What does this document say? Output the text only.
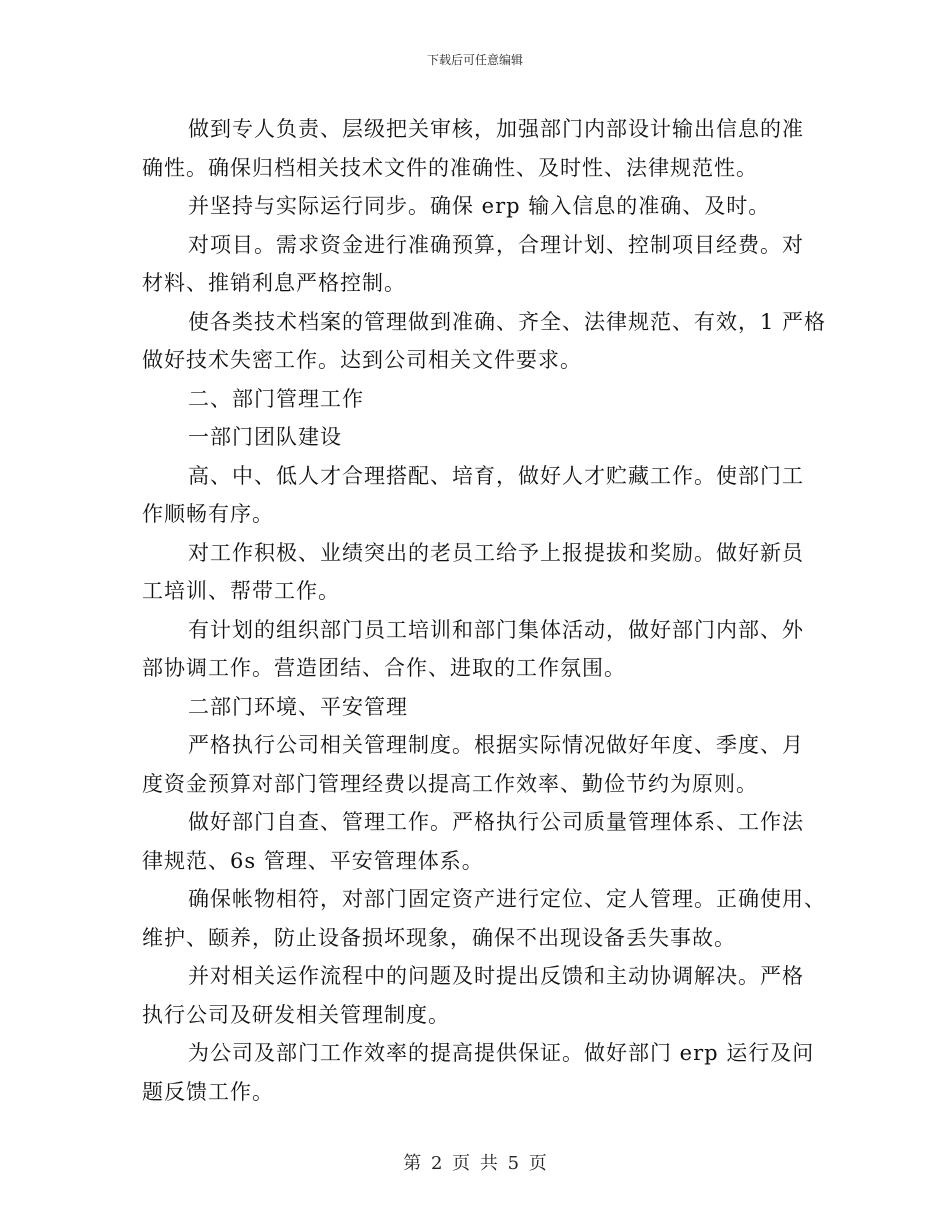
下载后可任意编辑
做到专人负责、层级把关审核，加强部门内部设计输出信息的准
确性。确保归档相关技术文件的准确性、及时性、法律规范性。
并坚持与实际运行同步。确保 erp 输入信息的准确、及时。
对项目。需求资金进行准确预算，合理计划、控制项目经费。对
材料、推销利息严格控制。
使各类技术档案的管理做到准确、齐全、法律规范、有效，1 严格
做好技术失密工作。达到公司相关文件要求。
二、部门管理工作
一部门团队建设
高、中、低人才合理搭配、培育，做好人才贮藏工作。使部门工
作顺畅有序。
对工作积极、业绩突出的老员工给予上报提拔和奖励。做好新员
工培训、帮带工作。
有计划的组织部门员工培训和部门集体活动，做好部门内部、外
部协调工作。营造团结、合作、进取的工作氛围。
二部门环境、平安管理
严格执行公司相关管理制度。根据实际情况做好年度、季度、月
度资金预算对部门管理经费以提高工作效率、勤俭节约为原则。
做好部门自查、管理工作。严格执行公司质量管理体系、工作法
律规范、6s 管理、平安管理体系。
确保帐物相符，对部门固定资产进行定位、定人管理。正确使用、
维护、颐养，防止设备损坏现象，确保不出现设备丢失事故。
并对相关运作流程中的问题及时提出反馈和主动协调解决。严格
执行公司及研发相关管理制度。
为公司及部门工作效率的提高提供保证。做好部门 erp 运行及问
题反馈工作。
第 2 页 共 5 页
